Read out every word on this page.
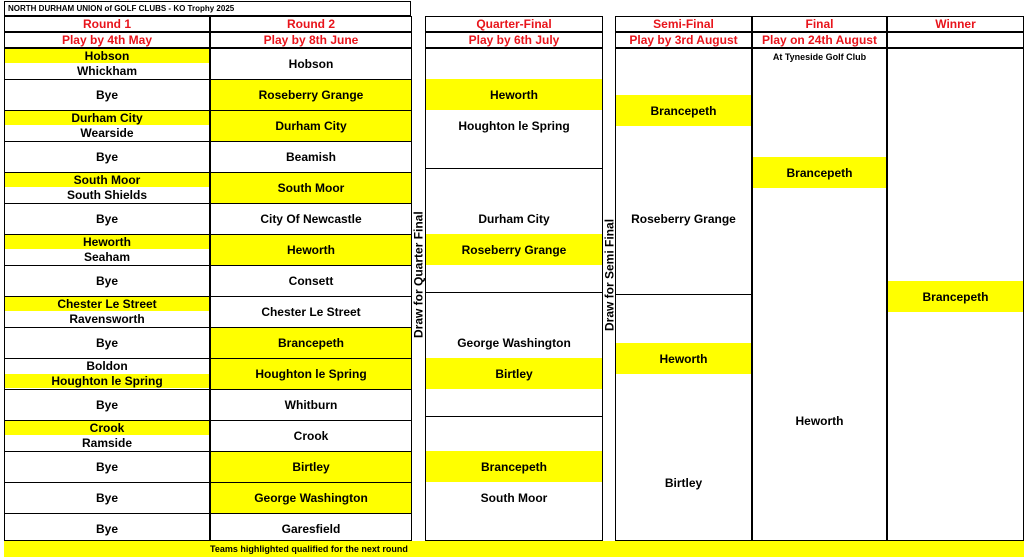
NORTH DURHAM UNION of GOLF CLUBS - KO Trophy 2025
Round 1
Play by 4th May
Round 2
Play by 8th June
Quarter-Final
Play by 6th July
Semi-Final
Play by 3rd August
Final
Play on 24th August
Winner
Hobson
Whickham
Bye
Durham City
Wearside
Bye
South Moor
South Shields
Bye
Heworth
Seaham
Bye
Chester Le Street
Ravensworth
Bye
Boldon
Houghton le Spring
Bye
Crook
Ramside
Bye
Bye
Bye
Hobson
Roseberry Grange
Durham City
Beamish
South Moor
City Of Newcastle
Heworth
Consett
Chester Le Street
Brancepeth
Houghton le Spring
Whitburn
Crook
Birtley
George Washington
Garesfield
Heworth
Houghton le Spring
Durham City
Roseberry Grange
George Washington
Birtley
Brancepeth
South Moor
Brancepeth
Roseberry Grange
Heworth
Birtley
At Tyneside Golf Club
Brancepeth
Heworth
Brancepeth
Draw for Quarter Final	Draw for Semi Final
Teams highlighted qualified for the next round
